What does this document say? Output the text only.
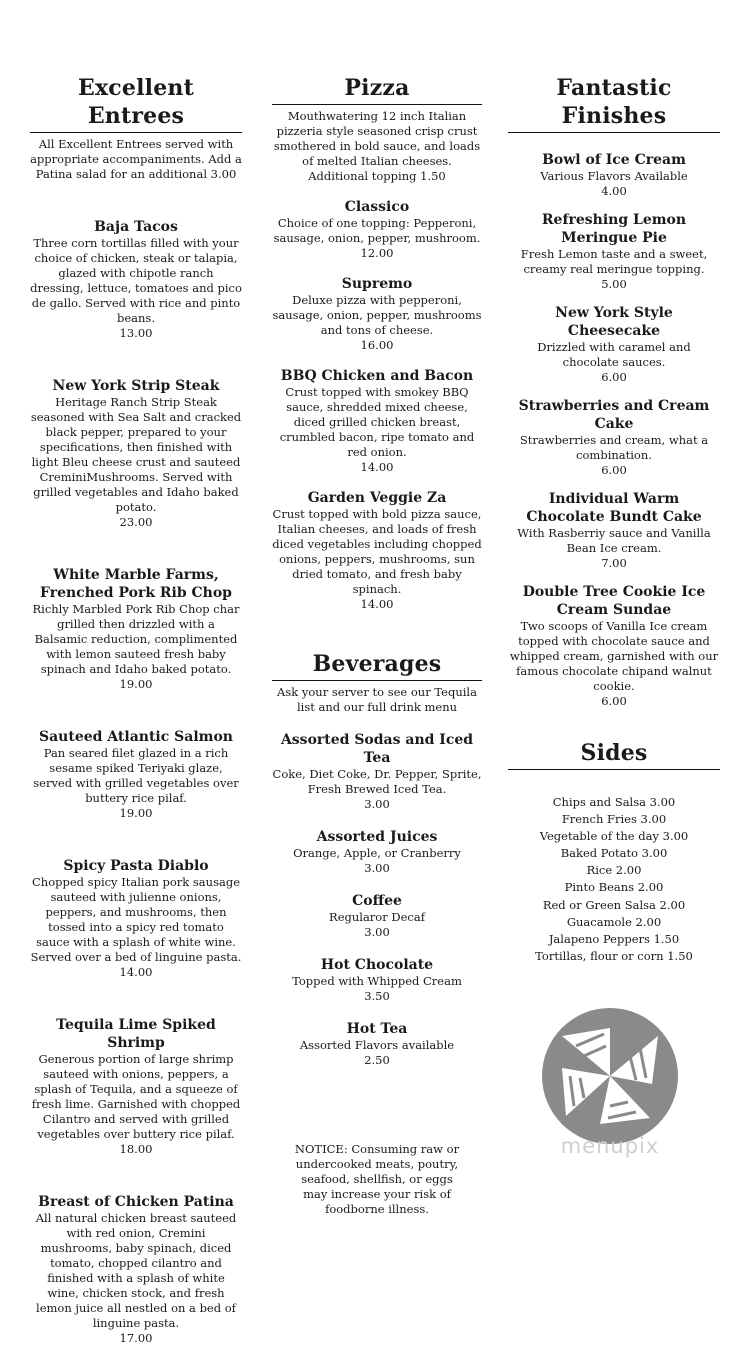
Excellent Entrees

All Excellent Entrees served with appropriate accompaniments. Add a Patina salad for an additional 3.00

Baja Tacos
Three corn tortillas filled with your choice of chicken, steak or talapia, glazed with chipotle ranch dressing, lettuce, tomatoes and pico de gallo. Served with rice and pinto beans.
13.00
New York Strip Steak
Heritage Ranch Strip Steak seasoned with Sea Salt and cracked black pepper, prepared to your specifications, then finished with light Bleu cheese crust and sauteed CreminiMushrooms. Served with grilled vegetables and Idaho baked potato.
23.00
White Marble Farms, Frenched Pork Rib Chop
Richly Marbled Pork Rib Chop char grilled then drizzled with a Balsamic reduction, complimented with lemon sauteed fresh baby spinach and Idaho baked potato.
19.00
Sauteed Atlantic Salmon
Pan seared filet glazed in a rich sesame spiked Teriyaki glaze, served with grilled vegetables over buttery rice pilaf.
19.00
Spicy Pasta Diablo
Chopped spicy Italian pork sausage sauteed with julienne onions, peppers, and mushrooms, then tossed into a spicy red tomato sauce with a splash of white wine. Served over a bed of linguine pasta.
14.00
Tequila Lime Spiked Shrimp
Generous portion of large shrimp sauteed with onions, peppers, a splash of Tequila, and a squeeze of fresh lime. Garnished with chopped Cilantro and served with grilled vegetables over buttery rice pilaf.
18.00
Breast of Chicken Patina
All natural chicken breast sauteed with red onion, Cremini mushrooms, baby spinach, diced tomato, chopped cilantro and finished with a splash of white wine, chicken stock, and fresh lemon juice all nestled on a bed of linguine pasta.
17.00
Pizza

Mouthwatering 12 inch Italian pizzeria style seasoned crisp crust smothered in bold sauce, and loads of melted Italian cheeses. Additional topping 1.50

Classico
Choice of one topping: Pepperoni, sausage, onion, pepper, mushroom.
12.00
Supremo
Deluxe pizza with pepperoni, sausage, onion, pepper, mushrooms and tons of cheese.
16.00
BBQ Chicken and Bacon
Crust topped with smokey BBQ sauce, shredded mixed cheese, diced grilled chicken breast, crumbled bacon, ripe tomato and red onion.
14.00
Garden Veggie Za
Crust topped with bold pizza sauce, Italian cheeses, and loads of fresh diced vegetables including chopped onions, peppers, mushrooms, sun dried tomato, and fresh baby spinach.
14.00
Beverages

Ask your server to see our Tequila list and our full drink menu

Assorted Sodas and Iced Tea
Coke, Diet Coke, Dr. Pepper, Sprite, Fresh Brewed Iced Tea.
3.00
Assorted Juices
Orange, Apple, or Cranberry
3.00
Coffee
Regularor Decaf
3.00
Hot Chocolate
Topped with Whipped Cream
3.50
Hot Tea
Assorted Flavors available
2.50

NOTICE: Consuming raw or undercooked meats, poutry, seafood, shellfish, or eggs may increase your risk of foodborne illness.

Fantastic Finishes
Bowl of Ice Cream
Various Flavors Available
4.00
Refreshing Lemon Meringue Pie
Fresh Lemon taste and a sweet, creamy real meringue topping.
5.00
New York Style Cheesecake
Drizzled with caramel and chocolate sauces.
6.00
Strawberries and Cream Cake
Strawberries and cream, what a combination.
6.00
Individual Warm Chocolate Bundt Cake
With Rasberriy sauce and Vanilla Bean Ice cream.
7.00
Double Tree Cookie Ice Cream Sundae
Two scoops of Vanilla Ice cream topped with chocolate sauce and whipped cream, garnished with our famous chocolate chipand walnut cookie.
6.00
Sides
Chips and Salsa 3.00
French Fries 3.00
Vegetable of the day 3.00
Baked Potato 3.00
Rice 2.00
Pinto Beans 2.00
Red or Green Salsa 2.00
Guacamole 2.00
Jalapeno Peppers 1.50
Tortillas, flour or corn 1.50
menupix
